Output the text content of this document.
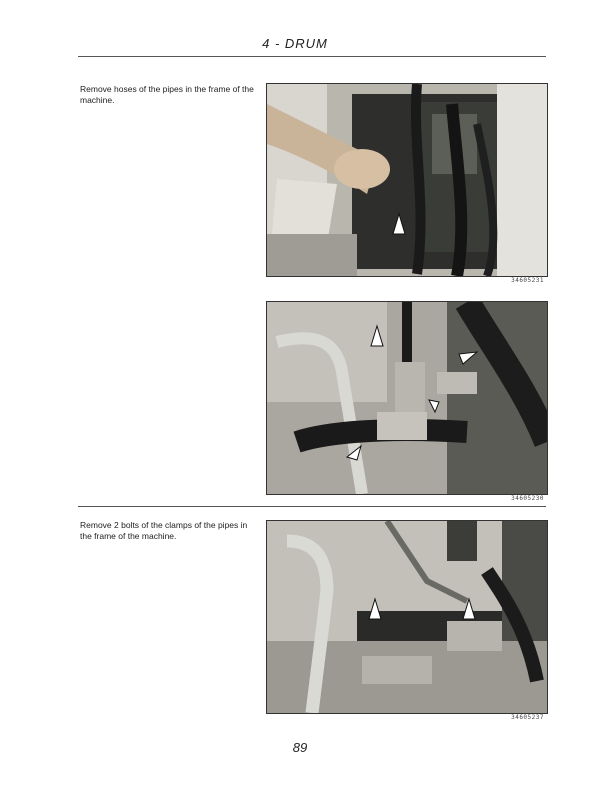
4 - DRUM
Remove hoses of the pipes in the frame of the machine.
34605231
34605230
Remove 2 bolts of the clamps of the pipes in the frame of the machine.
34605237
89
